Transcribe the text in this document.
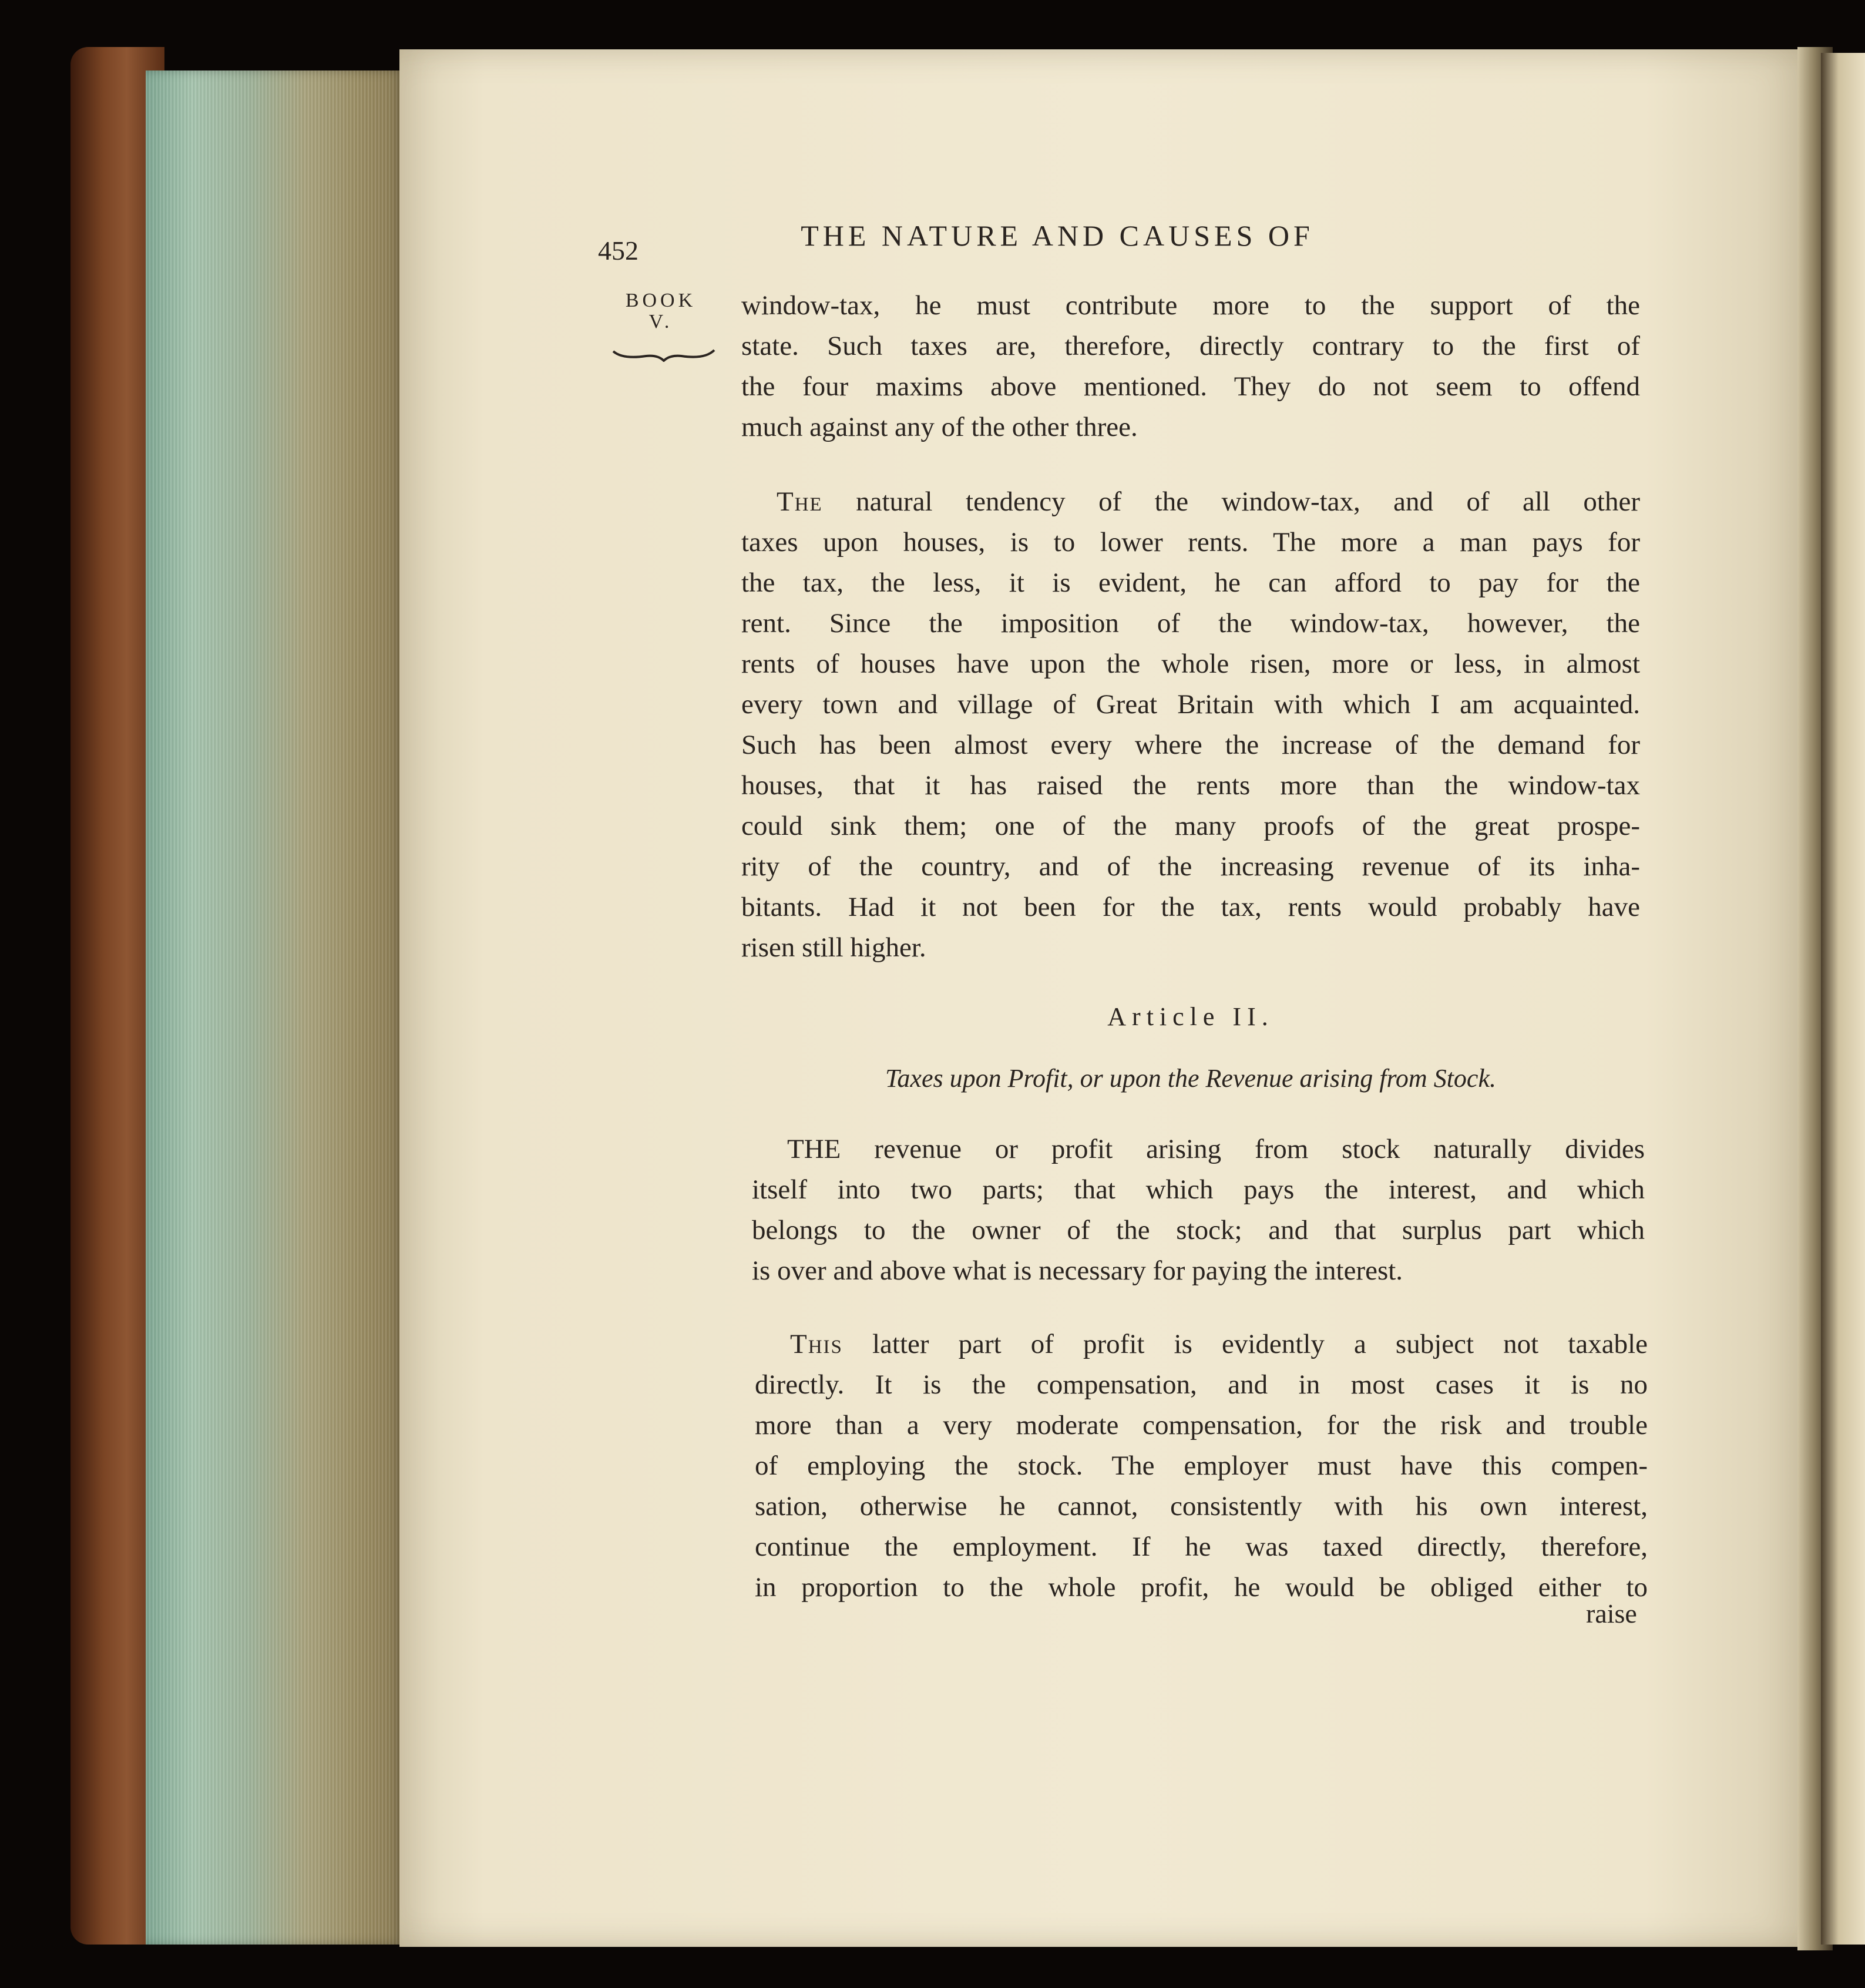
452	THE NATURE AND CAUSES OF
BOOK
V.
window-tax, he must contribute more to the support of the
state. Such taxes are, therefore, directly contrary to the first of
the four maxims above mentioned. They do not seem to offend
much against any of the other three.
The natural tendency of the window-tax, and of all other
taxes upon houses, is to lower rents. The more a man pays for
the tax, the less, it is evident, he can afford to pay for the
rent. Since the imposition of the window-tax, however, the
rents of houses have upon the whole risen, more or less, in almost
every town and village of Great Britain with which I am acquainted.
Such has been almost every where the increase of the demand for
houses, that it has raised the rents more than the window-tax
could sink them; one of the many proofs of the great prospe-
rity of the country, and of the increasing revenue of its inha-
bitants. Had it not been for the tax, rents would probably have
risen still higher.
Article II.
Taxes upon Profit, or upon the Revenue arising from Stock.
THE revenue or profit arising from stock naturally divides
itself into two parts; that which pays the interest, and which
belongs to the owner of the stock; and that surplus part which
is over and above what is necessary for paying the interest.
This latter part of profit is evidently a subject not taxable
directly. It is the compensation, and in most cases it is no
more than a very moderate compensation, for the risk and trouble
of employing the stock. The employer must have this compen-
sation, otherwise he cannot, consistently with his own interest,
continue the employment. If he was taxed directly, therefore,
in proportion to the whole profit, he would be obliged either to
raise
